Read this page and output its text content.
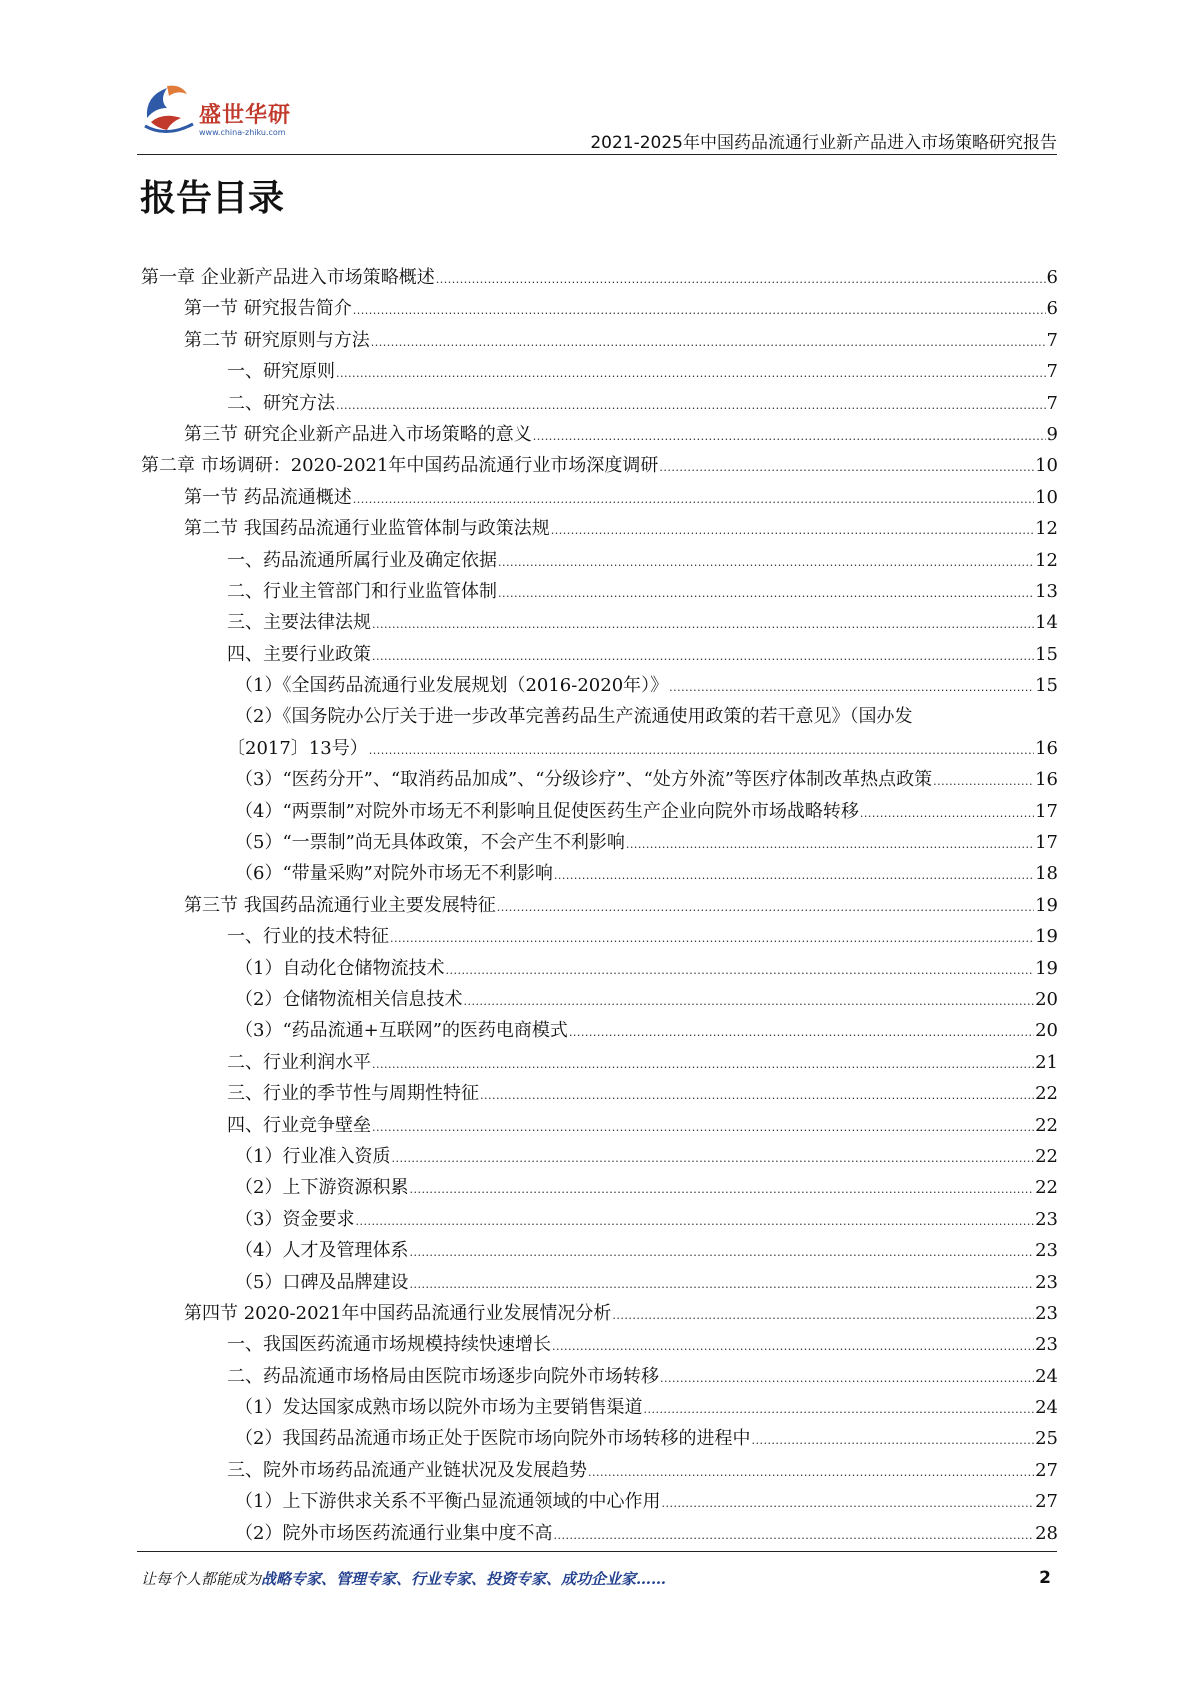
盛世华研
www.china-zhiku.com
2021-2025年中国药品流通行业新产品进入市场策略研究报告
报告目录
第一章 企业新产品进入市场策略概述 .....	6
第一节 研究报告简介 .....	6
第二节 研究原则与方法 .....	7
一、研究原则 .....	7
二、研究方法 .....	7
第三节 研究企业新产品进入市场策略的意义 .....	9
第二章 市场调研：2020-2021年中国药品流通行业市场深度调研 .....	10
第一节 药品流通概述 .....	10
第二节 我国药品流通行业监管体制与政策法规 .....	12
一、药品流通所属行业及确定依据 .....	12
二、行业主管部门和行业监管体制 .....	13
三、主要法律法规 .....	14
四、主要行业政策 .....	15
（1）《全国药品流通行业发展规划（2016-2020年）》 .....	15
（2）《国务院办公厅关于进一步改革完善药品生产流通使用政策的若干意见》（国办发
〔2017〕13号） .....	16
（3）“医药分开”、“取消药品加成”、“分级诊疗”、“处方外流”等医疗体制改革热点政策 .....	16
（4）“两票制”对院外市场无不利影响且促使医药生产企业向院外市场战略转移 .....	17
（5）“一票制”尚无具体政策，不会产生不利影响 .....	17
（6）“带量采购”对院外市场无不利影响 .....	18
第三节 我国药品流通行业主要发展特征 .....	19
一、行业的技术特征 .....	19
（1）自动化仓储物流技术 .....	19
（2）仓储物流相关信息技术 .....	20
（3）“药品流通+互联网”的医药电商模式 .....	20
二、行业利润水平 .....	21
三、行业的季节性与周期性特征 .....	22
四、行业竞争壁垒 .....	22
（1）行业准入资质 .....	22
（2）上下游资源积累 .....	22
（3）资金要求 .....	23
（4）人才及管理体系 .....	23
（5）口碑及品牌建设 .....	23
第四节 2020-2021年中国药品流通行业发展情况分析 .....	23
一、我国医药流通市场规模持续快速增长 .....	23
二、药品流通市场格局由医院市场逐步向院外市场转移 .....	24
（1）发达国家成熟市场以院外市场为主要销售渠道 .....	24
（2）我国药品流通市场正处于医院市场向院外市场转移的进程中 .....	25
三、院外市场药品流通产业链状况及发展趋势 .....	27
（1）上下游供求关系不平衡凸显流通领域的中心作用 .....	27
（2）院外市场医药流通行业集中度不高 .....	28
让每个人都能成为战略专家、管理专家、行业专家、投资专家、成功企业家……	2
